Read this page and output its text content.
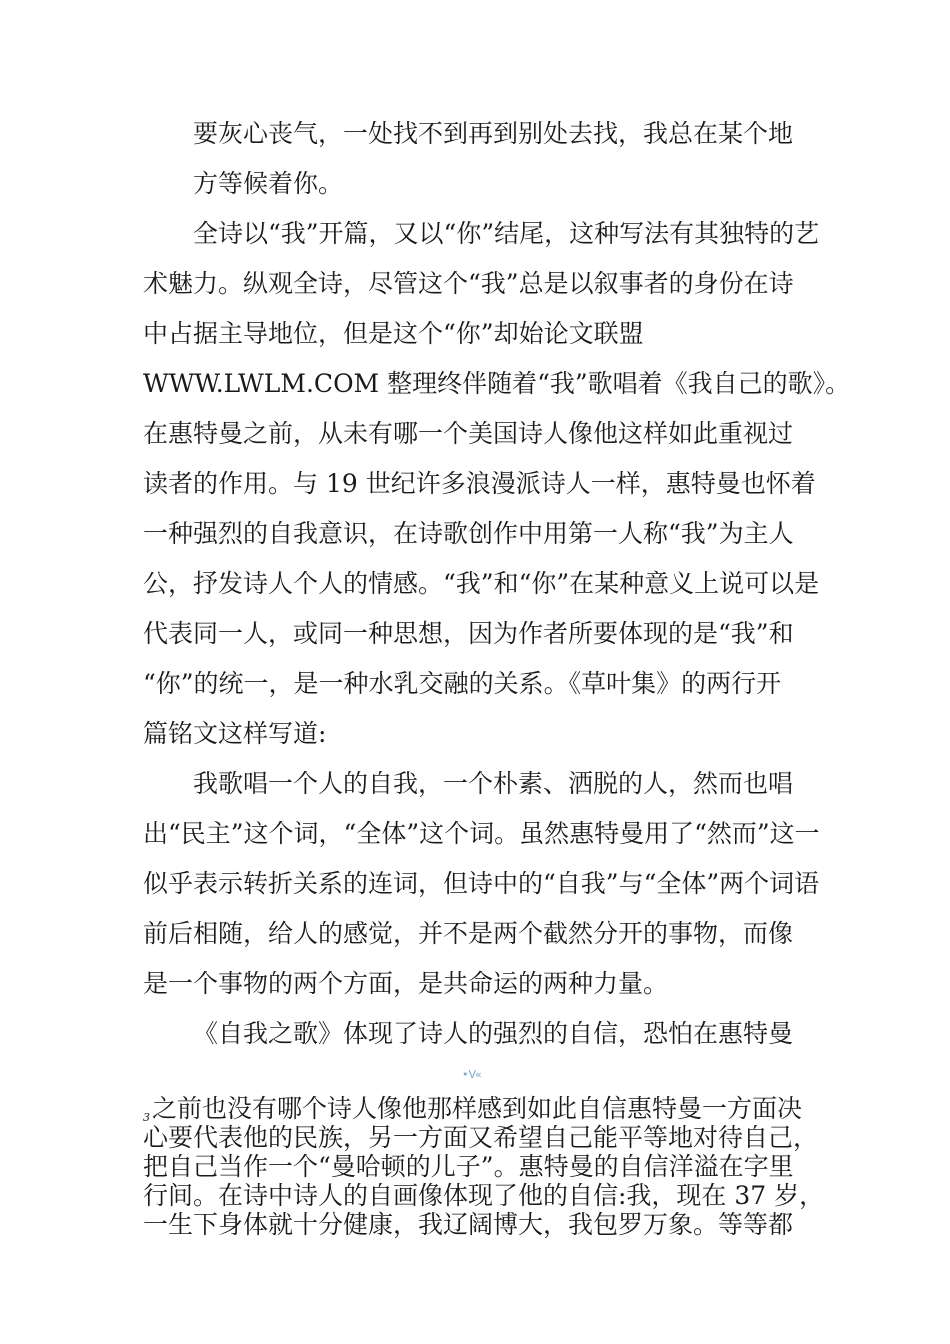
要灰心丧气，一处找不到再到别处去找，我总在某个地
方等候着你。
全诗以“我”开篇，又以“你”结尾，这种写法有其独特的艺
术魅力。纵观全诗，尽管这个“我”总是以叙事者的身份在诗
中占据主导地位，但是这个“你”却始论文联盟
WWW.LWLM.COM 整理终伴随着“我”歌唱着《我自己的歌》。
在惠特曼之前，从未有哪一个美国诗人像他这样如此重视过
读者的作用。与 19 世纪许多浪漫派诗人一样，惠特曼也怀着
一种强烈的自我意识，在诗歌创作中用第一人称“我”为主人
公，抒发诗人个人的情感。“我”和“你”在某种意义上说可以是
代表同一人，或同一种思想，因为作者所要体现的是“我”和
“你”的统一，是一种水乳交融的关系。《草叶集》的两行开
篇铭文这样写道:
我歌唱一个人的自我，一个朴素、洒脱的人，然而也唱
出“民主”这个词，“全体”这个词。虽然惠特曼用了“然而”这一
似乎表示转折关系的连词，但诗中的“自我”与“全体”两个词语
前后相随，给人的感觉，并不是两个截然分开的事物，而像
是一个事物的两个方面，是共命运的两种力量。
《自我之歌》体现了诗人的强烈的自信，恐怕在惠特曼
•V«
3之前也没有哪个诗人像他那样感到如此自信惠特曼一方面决
心要代表他的民族，另一方面又希望自己能平等地对待自己，
把自己当作一个“曼哈顿的儿子”。惠特曼的自信洋溢在字里
行间。在诗中诗人的自画像体现了他的自信:我，现在 37 岁，
一生下身体就十分健康，我辽阔博大，我包罗万象。等等都
